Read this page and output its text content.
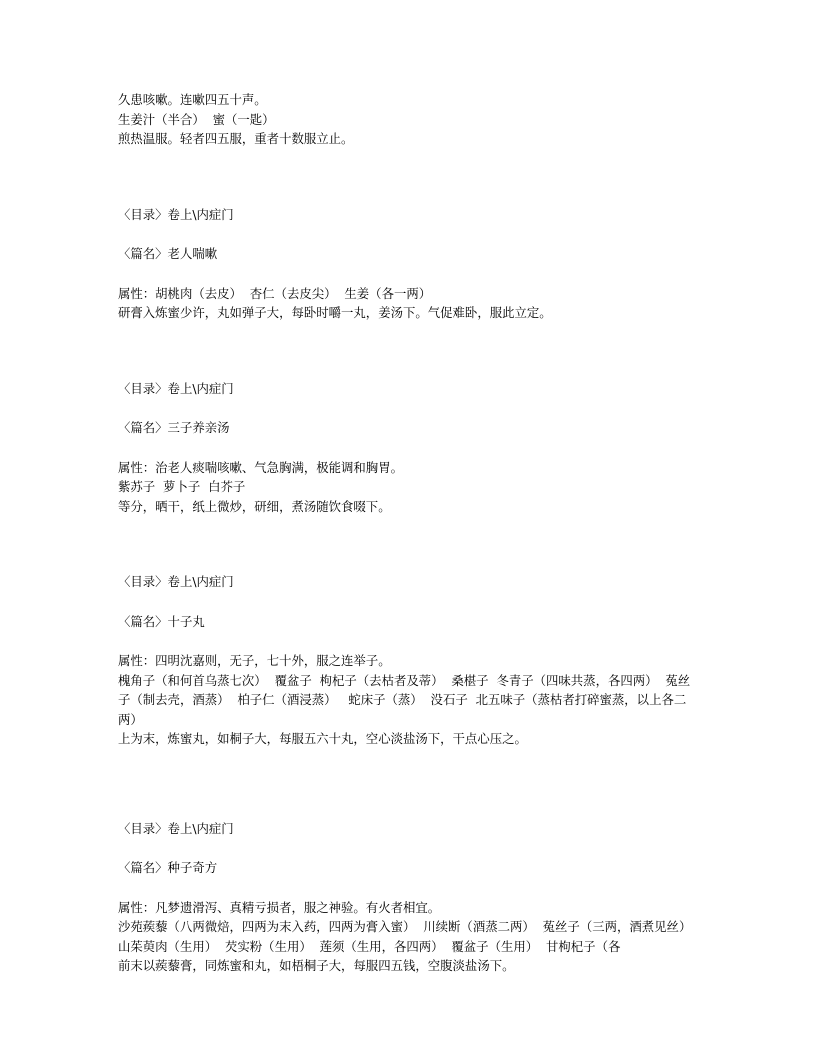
久患咳嗽。连嗽四五十声。

生姜汁（半合）  蜜（一匙）

煎热温服。轻者四五服，重者十数服立止。

〈目录〉卷上\内症门

〈篇名〉老人喘嗽

属性：胡桃肉（去皮）  杏仁（去皮尖）  生姜（各一两）

研膏入炼蜜少许，丸如弹子大，每卧时嚼一丸，姜汤下。气促难卧，服此立定。

〈目录〉卷上\内症门

〈篇名〉三子养亲汤

属性：治老人痰喘咳嗽、气急胸满，极能调和胸胃。

紫苏子  萝卜子  白芥子

等分，晒干，纸上微炒，研细，煮汤随饮食啜下。

〈目录〉卷上\内症门

〈篇名〉十子丸

属性：四明沈嘉则，无子，七十外，服之连举子。

槐角子（和何首乌蒸七次）  覆盆子  枸杞子（去枯者及蒂）  桑椹子  冬青子（四味共蒸，各四两）  菟丝子（制去壳，酒蒸）  柏子仁（酒浸蒸）   蛇床子（蒸）  没石子  北五味子（蒸枯者打碎蜜蒸，以上各二两）

上为末，炼蜜丸，如桐子大，每服五六十丸，空心淡盐汤下，干点心压之。

〈目录〉卷上\内症门

〈篇名〉种子奇方

属性：凡梦遗滑泻、真精亏损者，服之神验。有火者相宜。

沙苑蒺藜（八两微焙，四两为末入药，四两为膏入蜜）  川续断（酒蒸二两）  菟丝子（三两，酒煮见丝）  山茱萸肉（生用）  芡实粉（生用）  莲须（生用，各四两）  覆盆子（生用）  甘枸杞子（各

前末以蒺藜膏，同炼蜜和丸，如梧桐子大，每服四五钱，空腹淡盐汤下。
